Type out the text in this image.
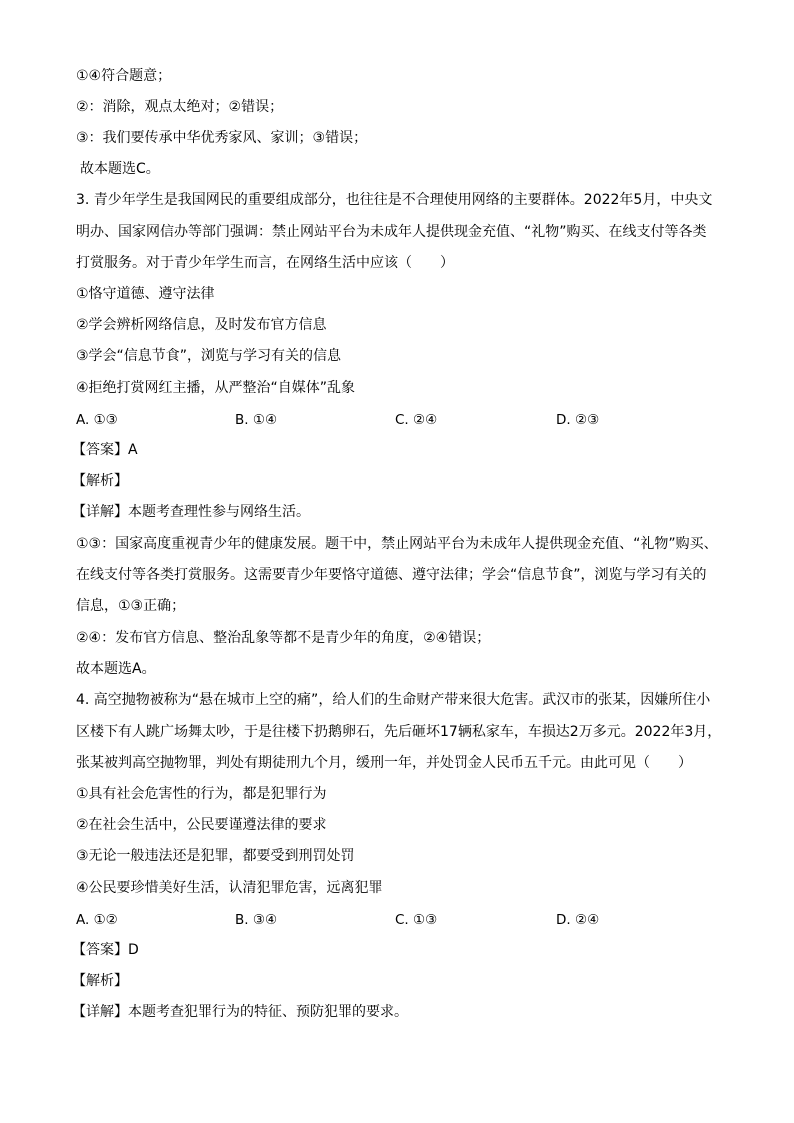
①④符合题意；
②：消除，观点太绝对；②错误；
③：我们要传承中华优秀家风、家训；③错误；
故本题选C。
3. 青少年学生是我国网民的重要组成部分，也往往是不合理使用网络的主要群体。2022年5月，中央文
明办、国家网信办等部门强调：禁止网站平台为未成年人提供现金充值、“礼物”购买、在线支付等各类
打赏服务。对于青少年学生而言，在网络生活中应该（　　）
①恪守道德、遵守法律
②学会辨析网络信息，及时发布官方信息
③学会“信息节食”，浏览与学习有关的信息
④拒绝打赏网红主播，从严整治“自媒体”乱象
A. ①③	B. ①④	C. ②④	D. ②③
【答案】A
【解析】
【详解】本题考查理性参与网络生活。
①③：国家高度重视青少年的健康发展。题干中，禁止网站平台为未成年人提供现金充值、“礼物”购买、
在线支付等各类打赏服务。这需要青少年要恪守道德、遵守法律；学会“信息节食”，浏览与学习有关的
信息，①③正确；
②④：发布官方信息、整治乱象等都不是青少年的角度，②④错误；
故本题选A。
4. 高空抛物被称为“悬在城市上空的痛”，给人们的生命财产带来很大危害。武汉市的张某，因嫌所住小
区楼下有人跳广场舞太吵，于是往楼下扔鹅卵石，先后砸坏17辆私家车，车损达2万多元。2022年3月，
张某被判高空抛物罪，判处有期徒刑九个月，缓刑一年，并处罚金人民币五千元。由此可见（　　）
①具有社会危害性的行为，都是犯罪行为
②在社会生活中，公民要谨遵法律的要求
③无论一般违法还是犯罪，都要受到刑罚处罚
④公民要珍惜美好生活，认清犯罪危害，远离犯罪
A. ①②	B. ③④	C. ①③	D. ②④
【答案】D
【解析】
【详解】本题考查犯罪行为的特征、预防犯罪的要求。
